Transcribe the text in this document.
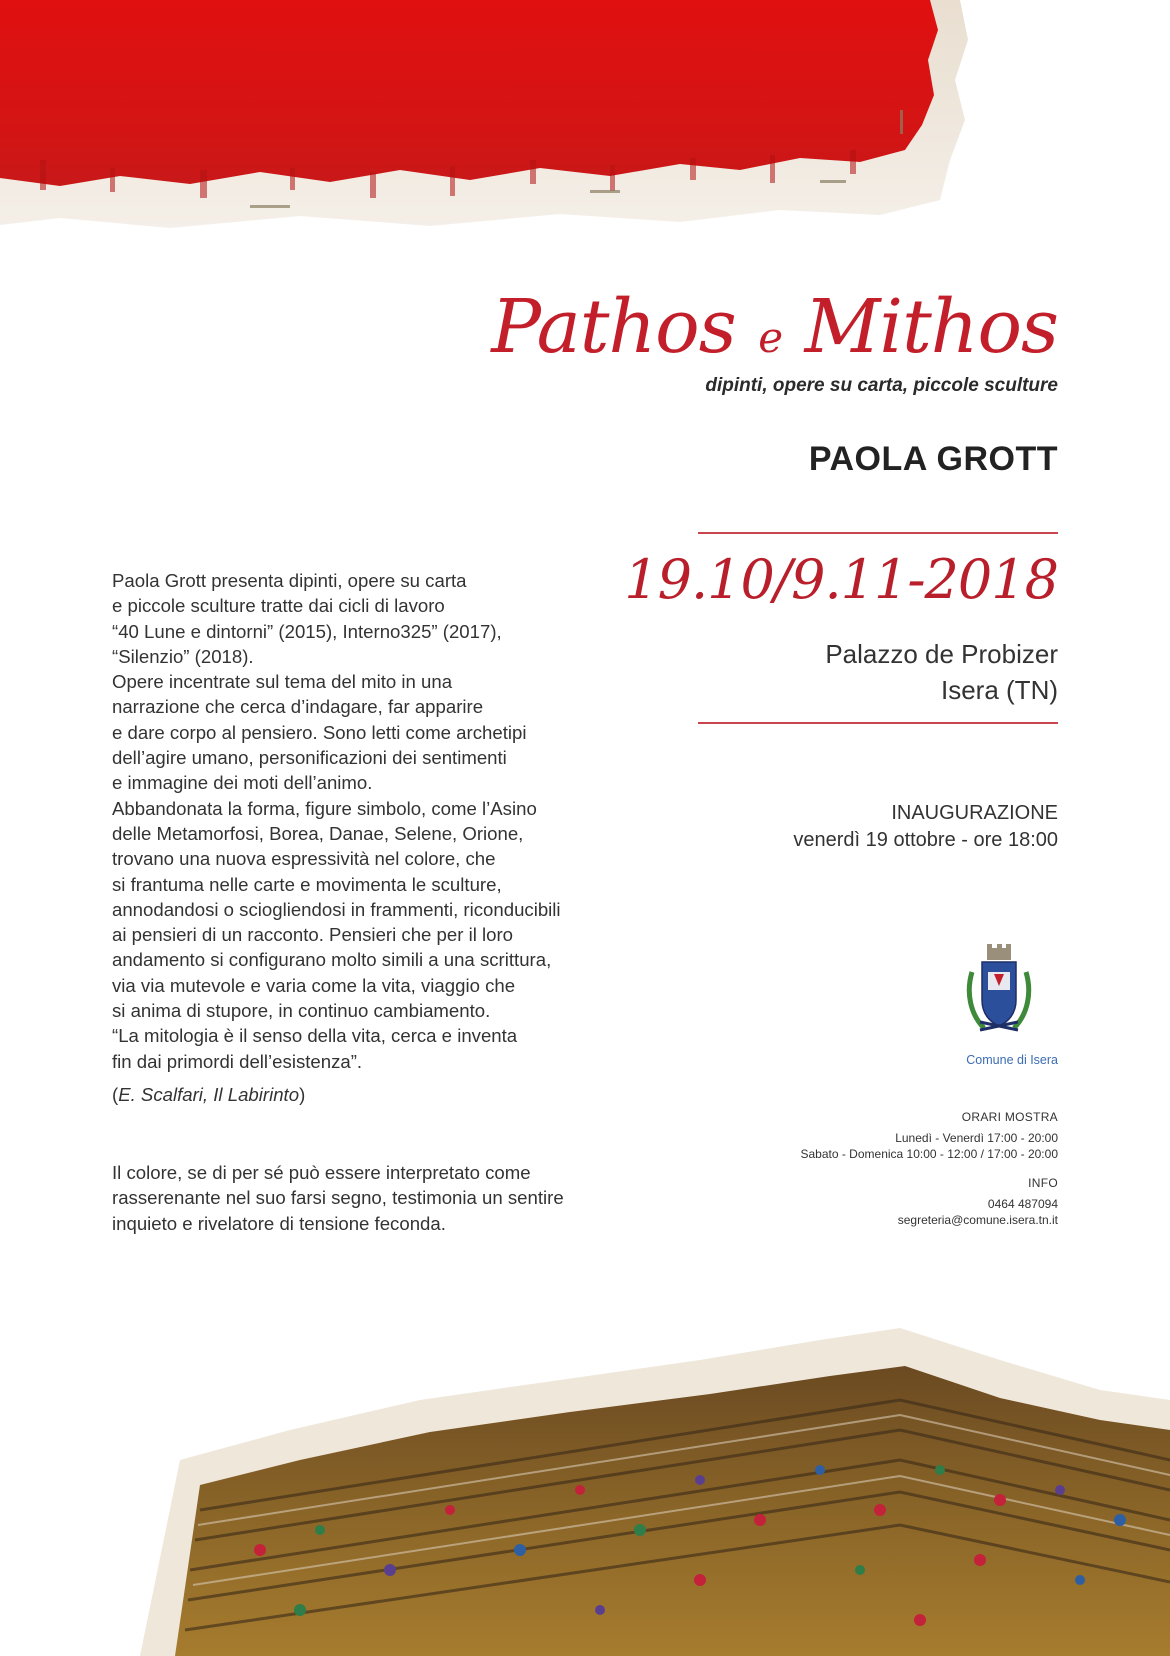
Pathos e Mithos
dipinti, opere su carta, piccole sculture
PAOLA GROTT
19.10/9.11-2018
Palazzo de Probizer
Isera (TN)
INAUGURAZIONE
venerdì 19 ottobre - ore 18:00
Comune di Isera

ORARI MOSTRA

Lunedì - Venerdì 17:00 - 20:00

Sabato - Domenica 10:00 - 12:00 / 17:00 - 20:00

INFO

0464 487094

segreteria@comune.isera.tn.it

Paola Grott presenta dipinti, opere su carta

e piccole sculture tratte dai cicli di lavoro

“40 Lune e dintorni” (2015), Interno325” (2017),

“Silenzio” (2018).

Opere incentrate sul tema del mito in una

narrazione che cerca d’indagare, far apparire

e dare corpo al pensiero. Sono letti come archetipi

dell’agire umano, personificazioni dei sentimenti

e immagine dei moti dell’animo.

Abbandonata la forma, figure simbolo, come l’Asino

delle Metamorfosi, Borea, Danae, Selene, Orione,

trovano una nuova espressività nel colore, che

si frantuma nelle carte e movimenta le sculture,

annodandosi o sciogliendosi in frammenti, riconducibili

ai pensieri di un racconto. Pensieri che per il loro

andamento si configurano molto simili a una scrittura,

via via mutevole e varia come la vita, viaggio che

si anima di stupore, in continuo cambiamento.

“La mitologia è il senso della vita, cerca e inventa

fin dai primordi dell’esistenza”.

(E. Scalfari, Il Labirinto)

Il colore, se di per sé può essere interpretato come

rasserenante nel suo farsi segno, testimonia un sentire

inquieto e rivelatore di tensione feconda.
